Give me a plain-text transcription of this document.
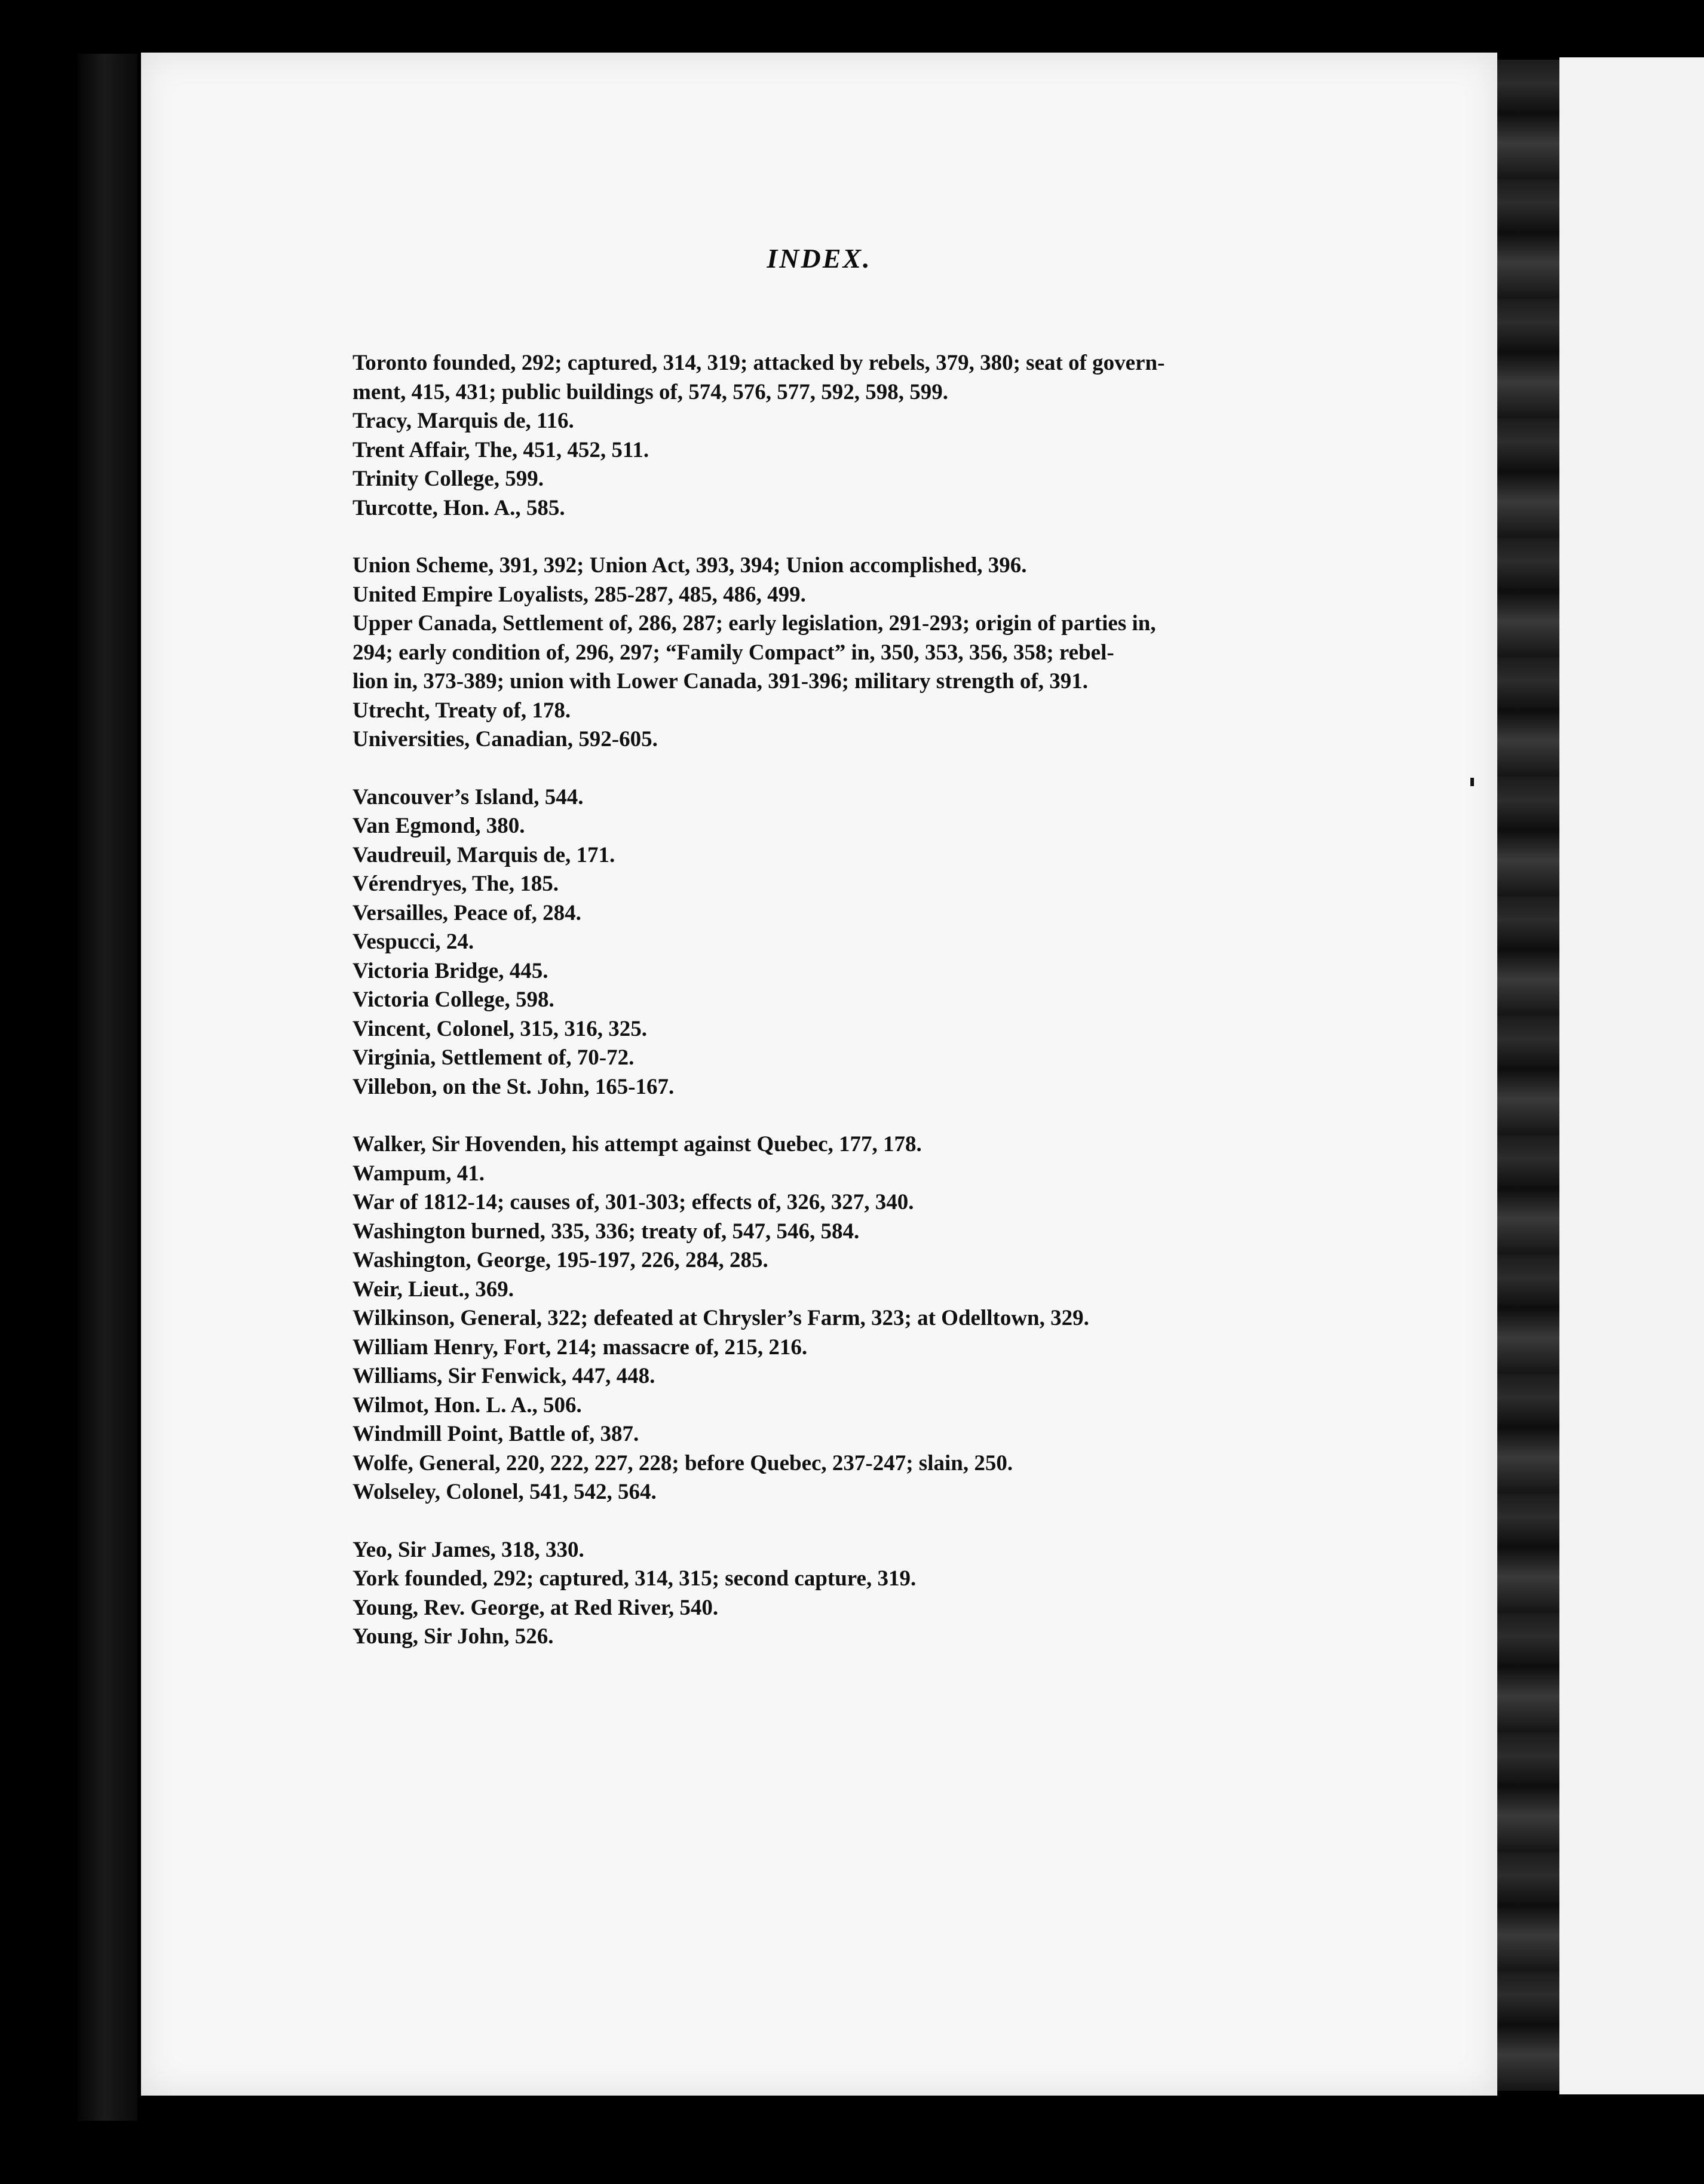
INDEX.

Toronto founded, 292; captured, 314, 319; attacked by rebels, 379, 380; seat of govern-
ment, 415, 431; public buildings of, 574, 576, 577, 592, 598, 599.

Tracy, Marquis de, 116.

Trent Affair, The, 451, 452, 511.

Trinity College, 599.

Turcotte, Hon. A., 585.

Union Scheme, 391, 392; Union Act, 393, 394; Union accomplished, 396.

United Empire Loyalists, 285-287, 485, 486, 499.

Upper Canada, Settlement of, 286, 287; early legislation, 291-293; origin of parties in,
294; early condition of, 296, 297; “Family Compact” in, 350, 353, 356, 358; rebel-
lion in, 373-389; union with Lower Canada, 391-396; military strength of, 391.

Utrecht, Treaty of, 178.

Universities, Canadian, 592-605.

Vancouver’s Island, 544.

Van Egmond, 380.

Vaudreuil, Marquis de, 171.

Vérendryes, The, 185.

Versailles, Peace of, 284.

Vespucci, 24.

Victoria Bridge, 445.

Victoria College, 598.

Vincent, Colonel, 315, 316, 325.

Virginia, Settlement of, 70-72.

Villebon, on the St. John, 165-167.

Walker, Sir Hovenden, his attempt against Quebec, 177, 178.

Wampum, 41.

War of 1812-14; causes of, 301-303; effects of, 326, 327, 340.

Washington burned, 335, 336; treaty of, 547, 546, 584.

Washington, George, 195-197, 226, 284, 285.

Weir, Lieut., 369.

Wilkinson, General, 322; defeated at Chrysler’s Farm, 323; at Odelltown, 329.

William Henry, Fort, 214; massacre of, 215, 216.

Williams, Sir Fenwick, 447, 448.

Wilmot, Hon. L. A., 506.

Windmill Point, Battle of, 387.

Wolfe, General, 220, 222, 227, 228; before Quebec, 237-247; slain, 250.

Wolseley, Colonel, 541, 542, 564.

Yeo, Sir James, 318, 330.

York founded, 292; captured, 314, 315; second capture, 319.

Young, Rev. George, at Red River, 540.

Young, Sir John, 526.
